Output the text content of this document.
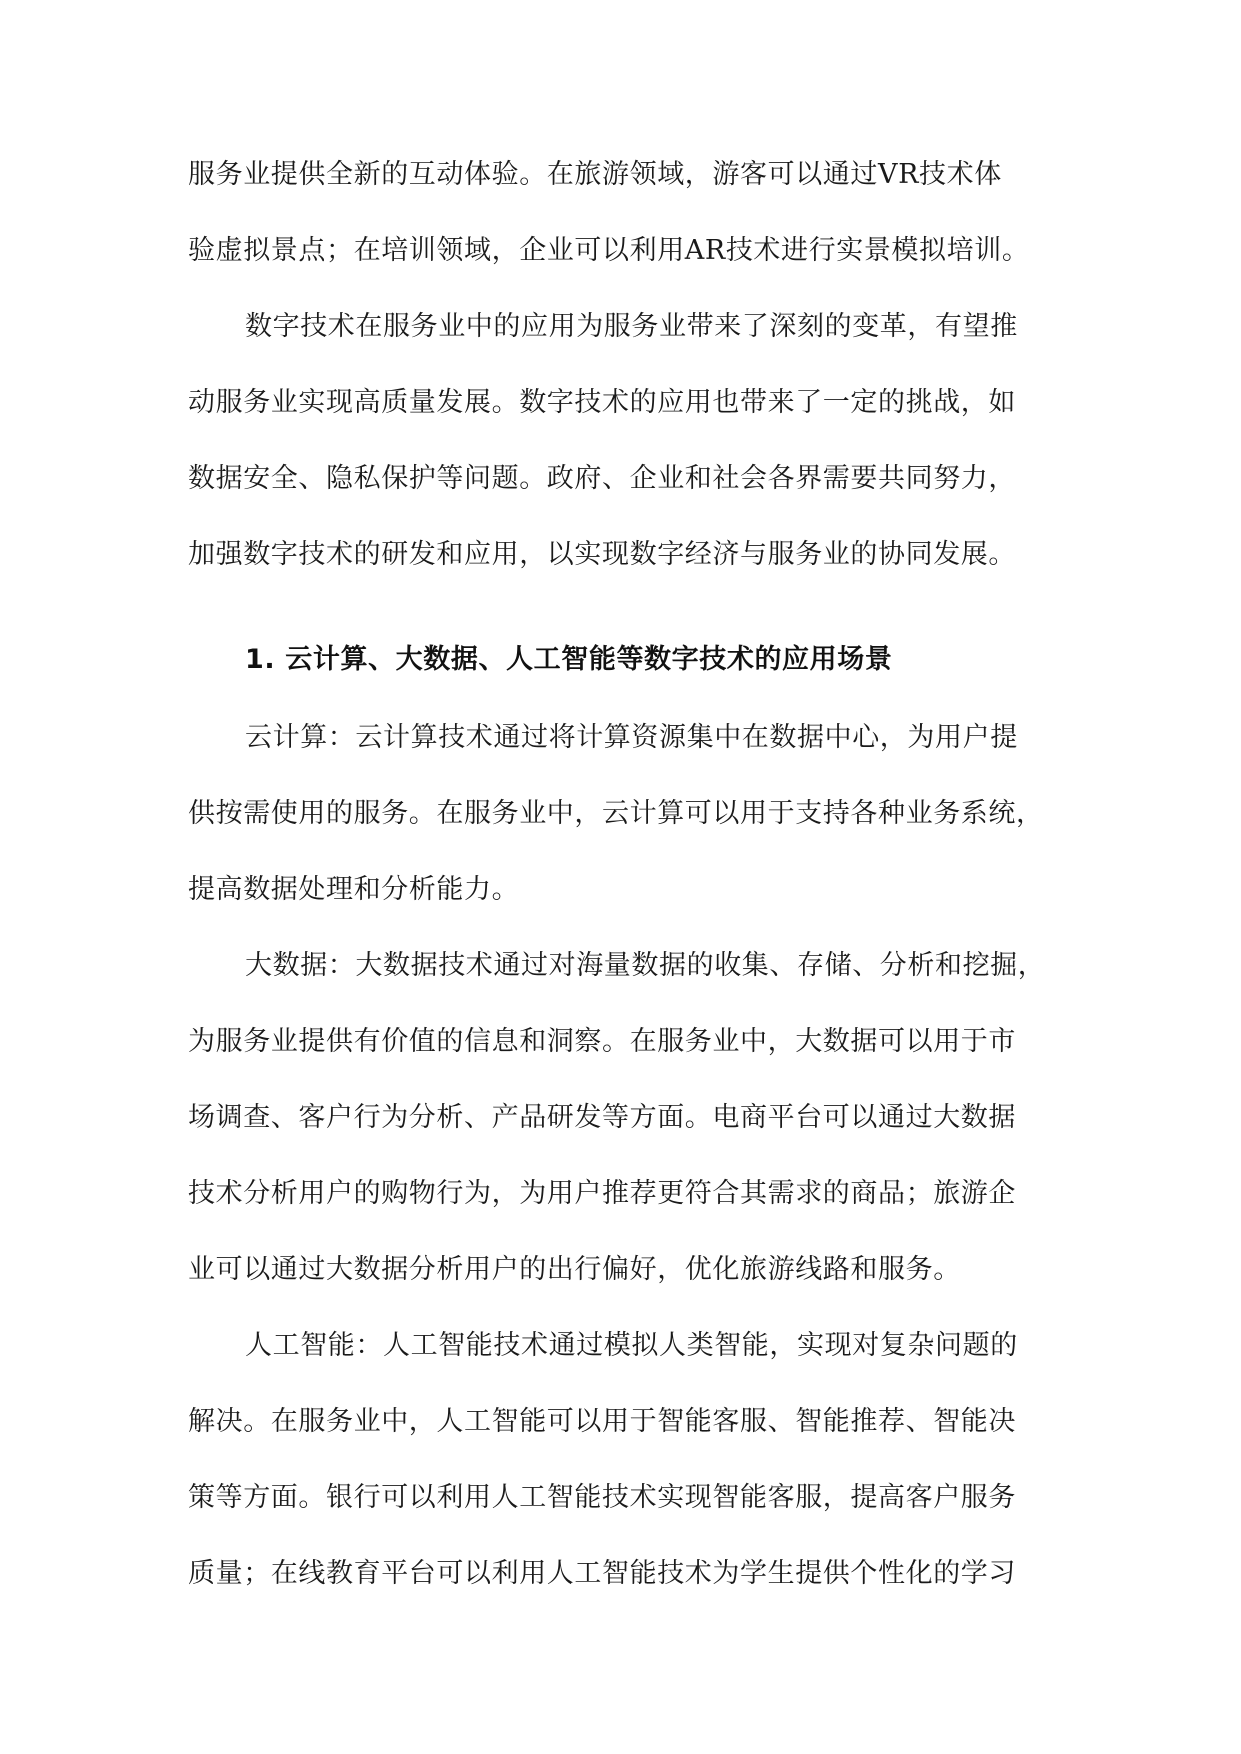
服务业提供全新的互动体验。在旅游领域，游客可以通过VR技术体
验虚拟景点；在培训领域，企业可以利用AR技术进行实景模拟培训。
数字技术在服务业中的应用为服务业带来了深刻的变革，有望推
动服务业实现高质量发展。数字技术的应用也带来了一定的挑战，如
数据安全、隐私保护等问题。政府、企业和社会各界需要共同努力，
加强数字技术的研发和应用，以实现数字经济与服务业的协同发展。
1. 云计算、大数据、人工智能等数字技术的应用场景
云计算：云计算技术通过将计算资源集中在数据中心，为用户提
供按需使用的服务。在服务业中，云计算可以用于支持各种业务系统，
提高数据处理和分析能力。
大数据：大数据技术通过对海量数据的收集、存储、分析和挖掘，
为服务业提供有价值的信息和洞察。在服务业中，大数据可以用于市
场调查、客户行为分析、产品研发等方面。电商平台可以通过大数据
技术分析用户的购物行为，为用户推荐更符合其需求的商品；旅游企
业可以通过大数据分析用户的出行偏好，优化旅游线路和服务。
人工智能：人工智能技术通过模拟人类智能，实现对复杂问题的
解决。在服务业中，人工智能可以用于智能客服、智能推荐、智能决
策等方面。银行可以利用人工智能技术实现智能客服，提高客户服务
质量；在线教育平台可以利用人工智能技术为学生提供个性化的学习
